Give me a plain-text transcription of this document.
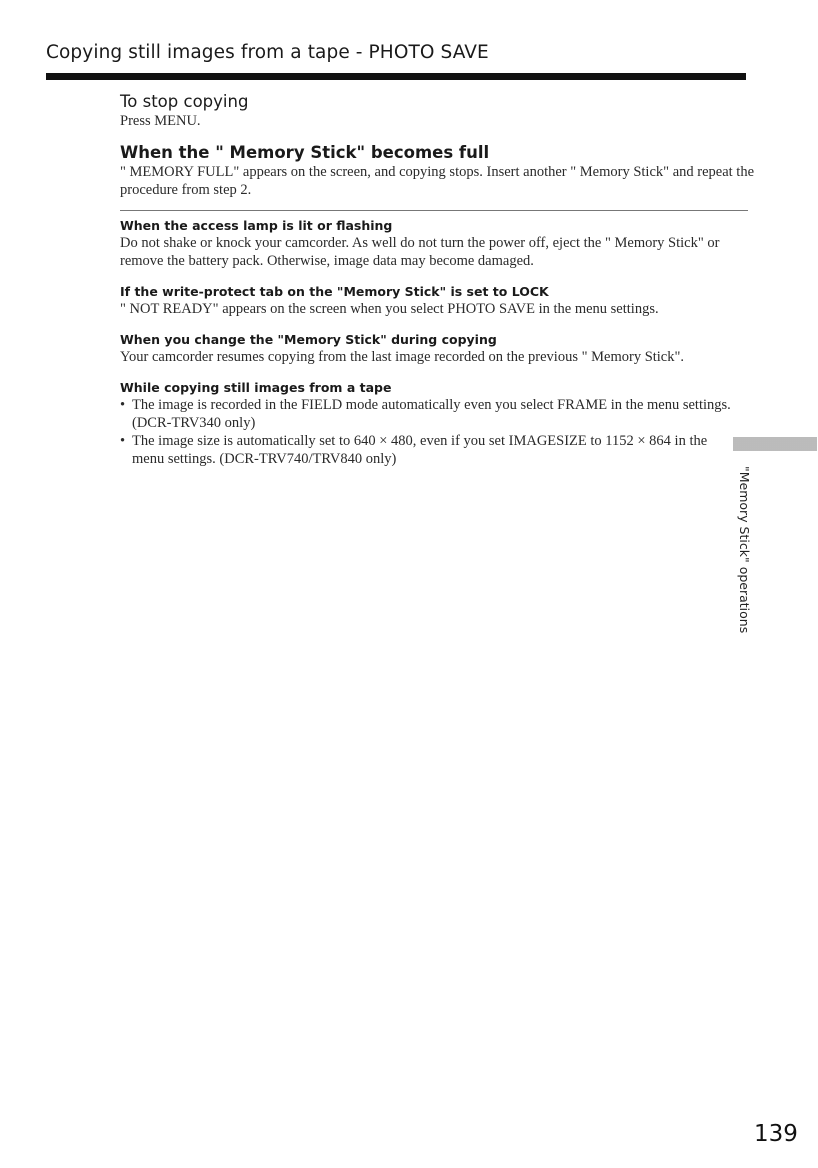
Copying still images from a tape - PHOTO SAVE
To stop copying

Press MENU.

When the " Memory Stick" becomes full

" MEMORY FULL" appears on the screen, and copying stops. Insert another " Memory Stick" and repeat the procedure from step 2.

When the access lamp is lit or flashing

Do not shake or knock your camcorder. As well do not turn the power off, eject the " Memory Stick" or remove the battery pack. Otherwise, image data may become damaged.

If the write-protect tab on the "Memory Stick" is set to LOCK

" NOT READY" appears on the screen when you select PHOTO SAVE in the menu settings.

When you change the "Memory Stick" during copying

Your camcorder resumes copying from the last image recorded on the previous " Memory Stick".

While copying still images from a tape
• The image is recorded in the FIELD mode automatically even you select FRAME in the menu settings. (DCR-TRV340 only)
• The image size is automatically set to 640 × 480, even if you set IMAGESIZE to 1152 × 864 in the menu settings. (DCR-TRV740/TRV840 only)
"Memory Stick" operations

139
